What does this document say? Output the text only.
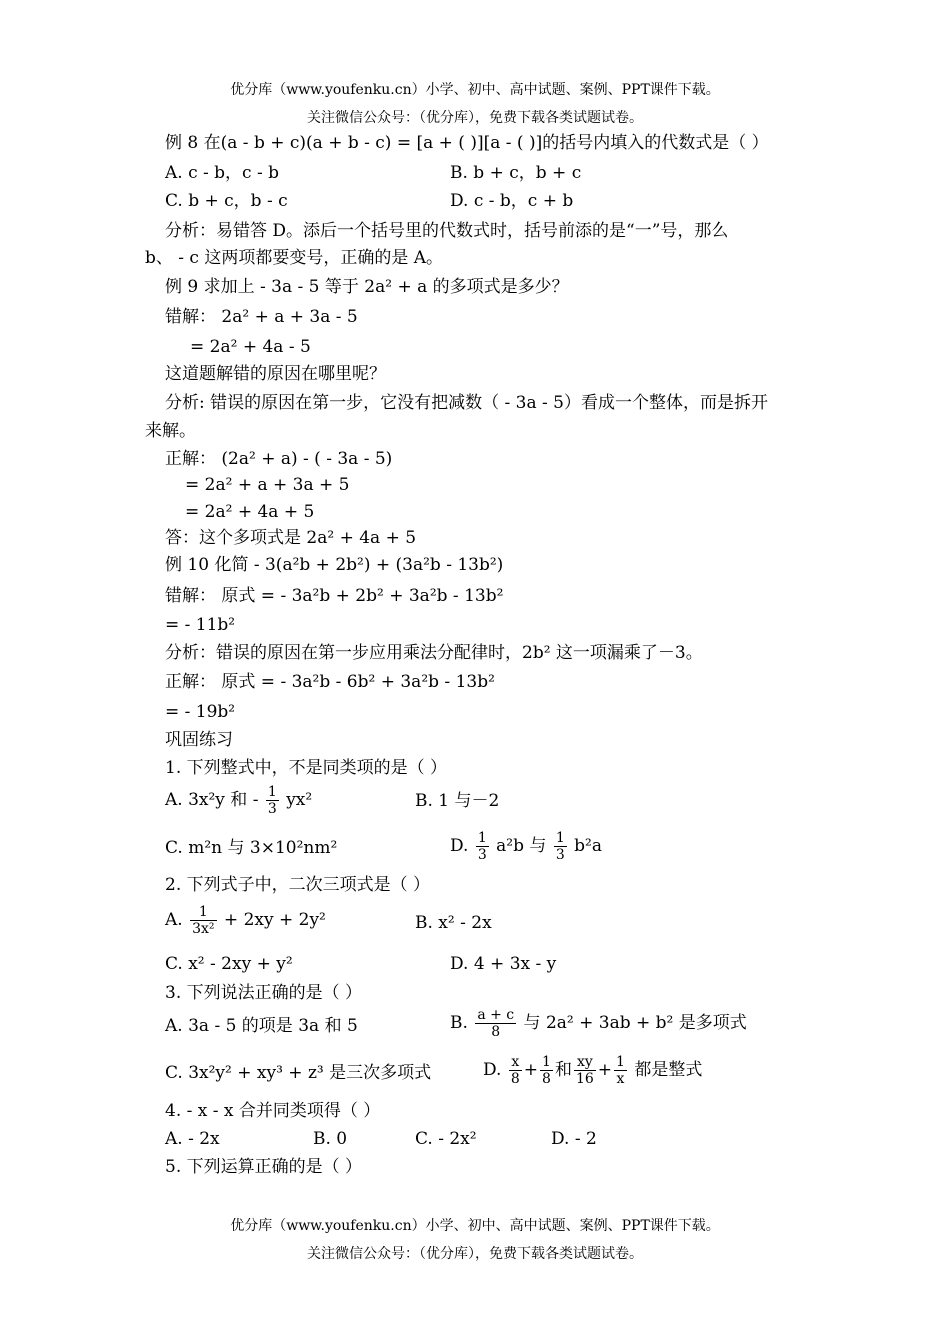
优分库（www.youfenku.cn）小学、初中、高中试题、案例、PPT课件下载。
关注微信公众号：（优分库），免费下载各类试题试卷。
例 8 在(a - b + c)(a + b - c) = [a + ( )][a - ( )]的括号内填入的代数式是（ ）
A. c - b，c - b	B. b + c，b + c
C. b + c，b - c	D. c - b，c + b
分析：易错答 D。添后一个括号里的代数式时，括号前添的是“一”号，那么
b、 - c 这两项都要变号，正确的是 A。
例 9 求加上 - 3a - 5 等于 2a² + a 的多项式是多少？
错解： 2a² + a + 3a - 5
= 2a² + 4a - 5
这道题解错的原因在哪里呢？
分析: 错误的原因在第一步，它没有把减数（ - 3a - 5）看成一个整体，而是拆开
来解。
正解： (2a² + a) - ( - 3a - 5)
= 2a² + a + 3a + 5
= 2a² + 4a + 5
答：这个多项式是 2a² + 4a + 5
例 10 化简 - 3(a²b + 2b²) + (3a²b - 13b²)
错解： 原式 = - 3a²b + 2b² + 3a²b - 13b²
= - 11b²
分析：错误的原因在第一步应用乘法分配律时，2b² 这一项漏乘了－3。
正解： 原式 = - 3a²b - 6b² + 3a²b - 13b²
= - 19b²
巩固练习
1. 下列整式中，不是同类项的是（ ）
A. 3x²y 和 - $\frac{1}{3} yx^2$	B. 1 与－2
C. m²n 与 3×10²nm²	D. $\frac{1}{3} a^2b$ 与 $\frac{1}{3} b^2a$
2. 下列式子中，二次三项式是（ ）
A. $\frac{1}{\text{3x²}} + 2xy + 2y^2$	B. x² - 2x
C. x² - 2xy + y²	D. 4 + 3x - y
3. 下列说法正确的是（ ）
A. 3a - 5 的项是 3a 和 5	B. $\frac{a + c}{8}$ 与 2a² + 3ab + b² 是多项式
C. 3x²y² + xy³ + z³ 是三次多项式	D. $\frac{x}{8} + \frac{1}{8}$ 和 $\frac{xy}{16} + \frac{1}{x}$ 都是整式
4. - x - x 合并同类项得（ ）
A. - 2x	B. 0	C. - 2x²	D. - 2
5. 下列运算正确的是（ ）
优分库（www.youfenku.cn）小学、初中、高中试题、案例、PPT课件下载。
关注微信公众号：（优分库），免费下载各类试题试卷。
